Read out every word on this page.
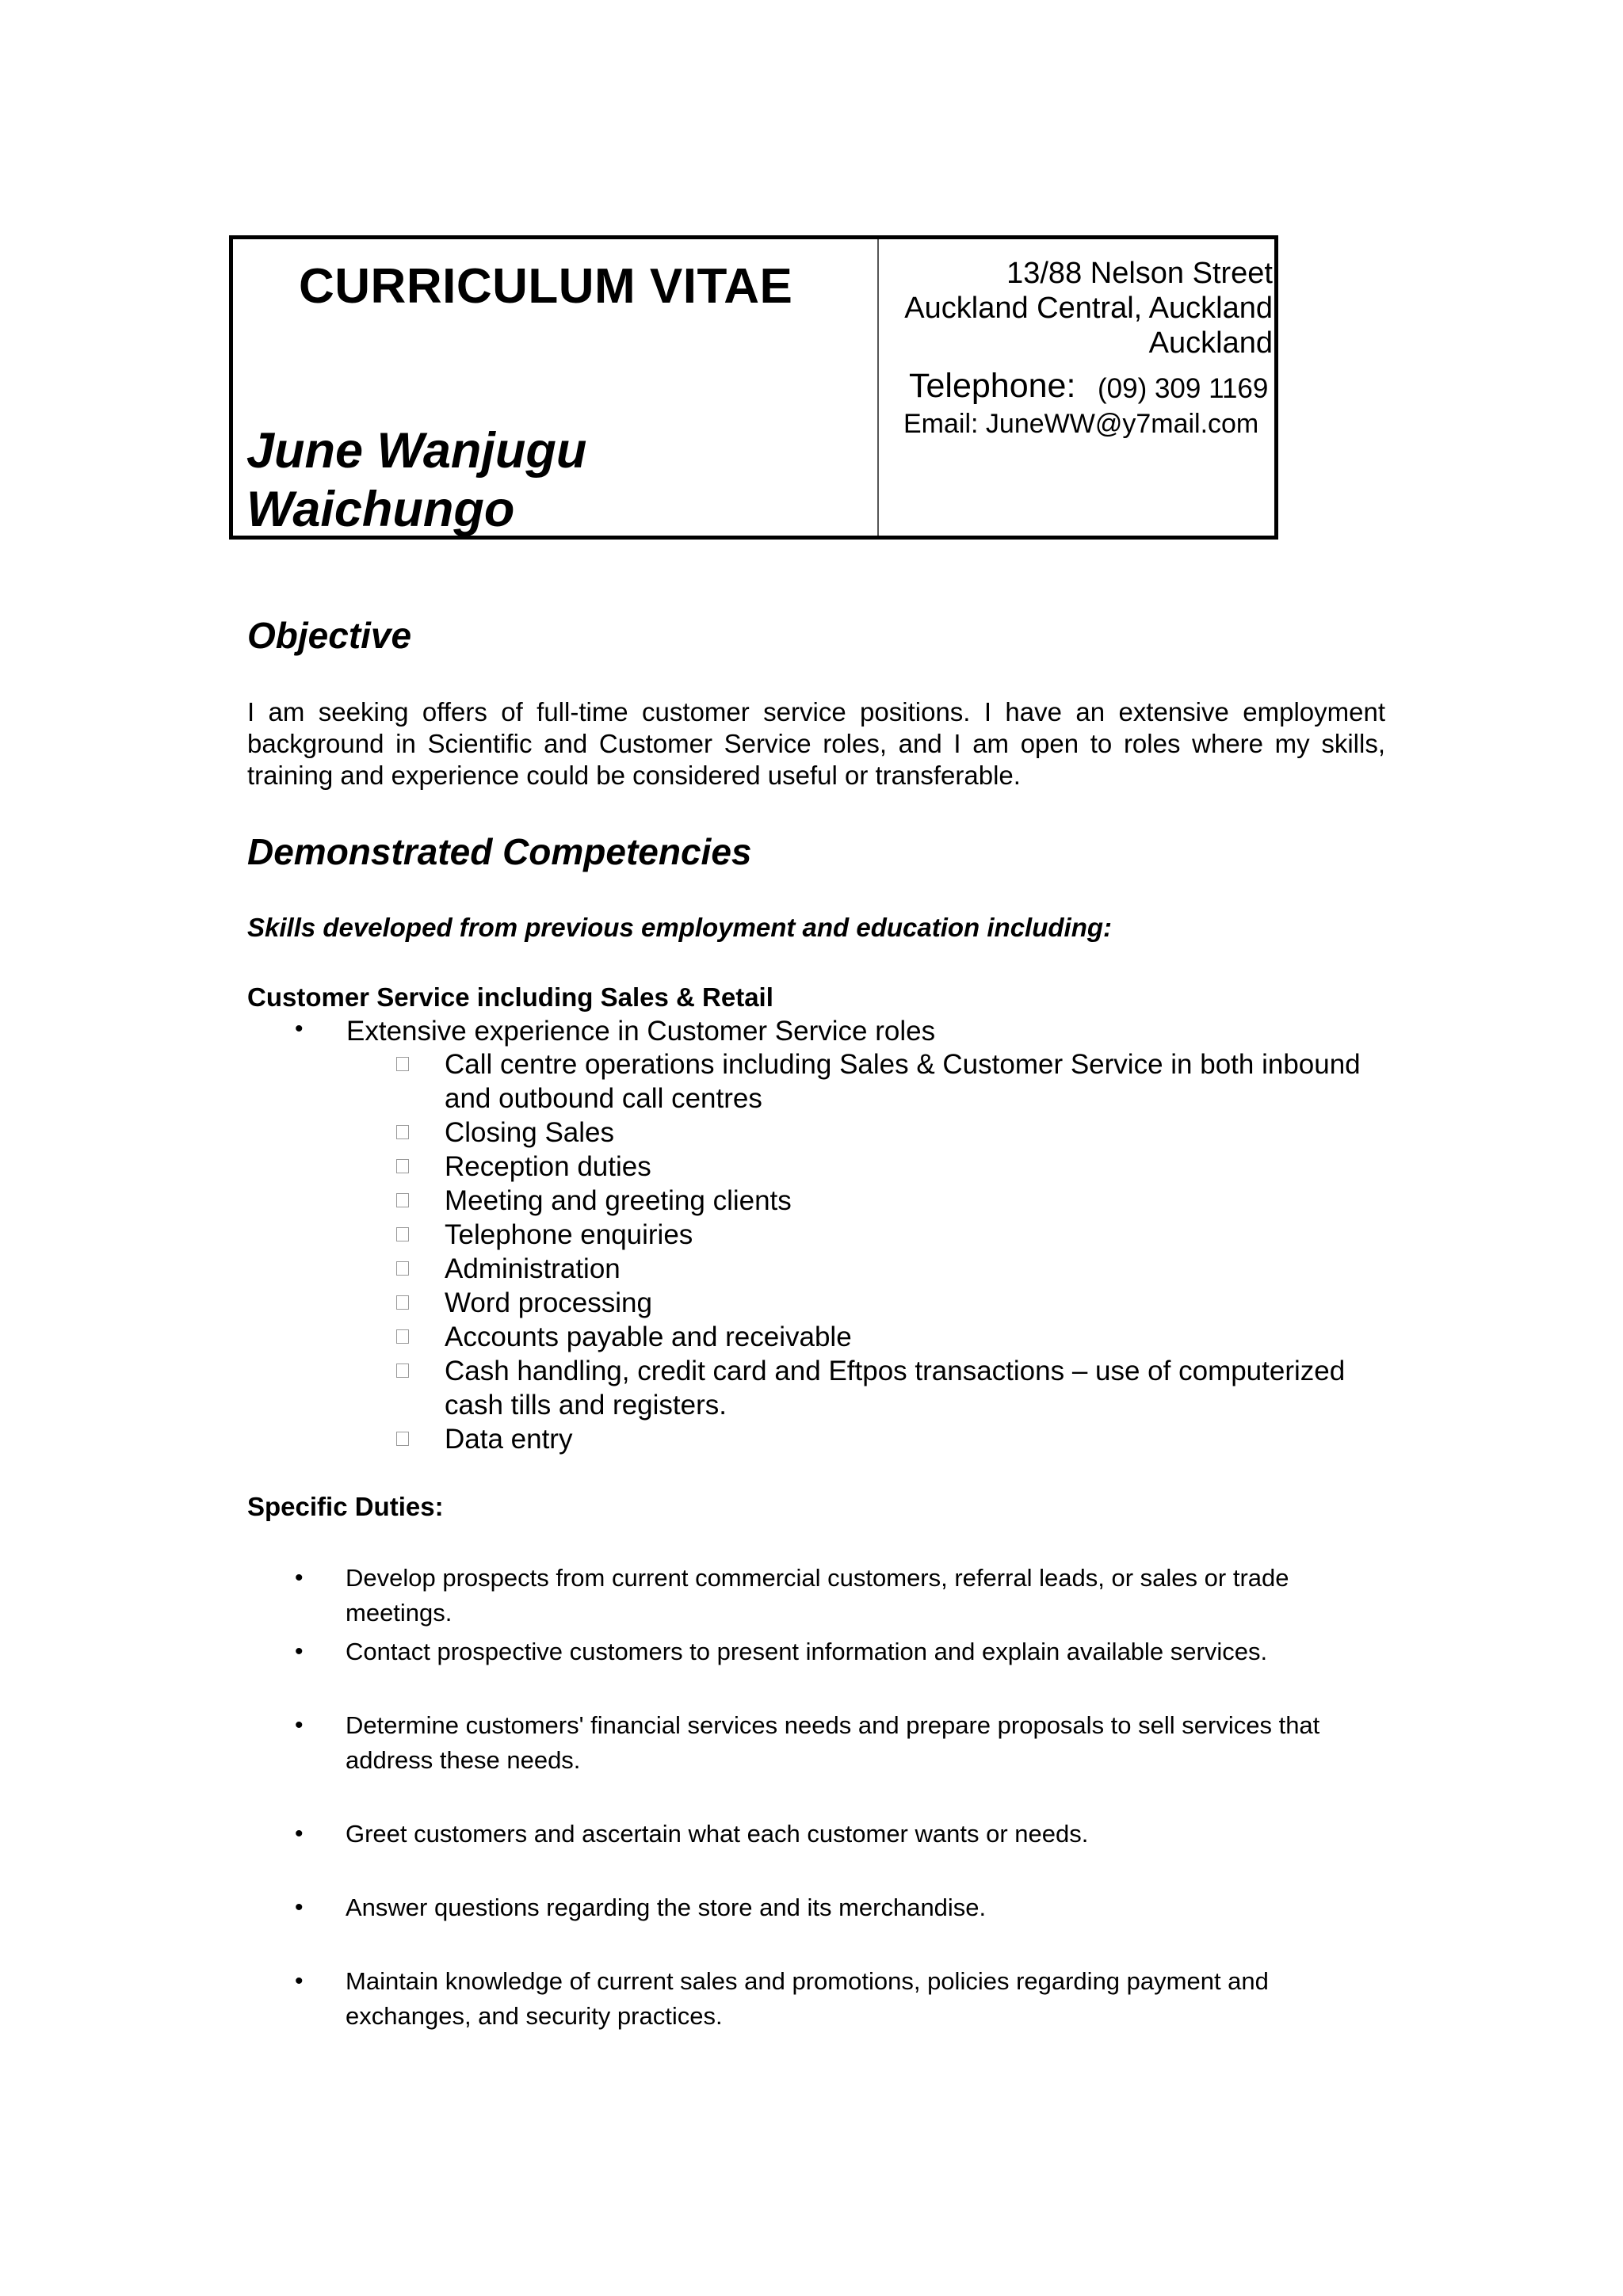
CURRICULUM VITAE
June Wanjugu
Waichungo
13/88 Nelson Street
Auckland Central, Auckland
Auckland
Telephone: (09) 309 1169
Email: JuneWW@y7mail.com
Objective
I am seeking offers of full-time customer service positions. I have an extensive employment background in Scientific and Customer Service roles, and I am open to roles where my skills, training and experience could be considered useful or transferable.
Demonstrated Competencies
Skills developed from previous employment and education including:
Customer Service including Sales & Retail
• Extensive experience in Customer Service roles
Call centre operations including Sales & Customer Service in both inbound and outbound call centres
Closing Sales
Reception duties
Meeting and greeting clients
Telephone enquiries
Administration
Word processing
Accounts payable and receivable
Cash handling, credit card and Eftpos transactions – use of computerized cash tills and registers.
Data entry
Specific Duties:
• Develop prospects from current commercial customers, referral leads, or sales or trade meetings.
• Contact prospective customers to present information and explain available services.
• Determine customers' financial services needs and prepare proposals to sell services that address these needs.
• Greet customers and ascertain what each customer wants or needs.
• Answer questions regarding the store and its merchandise.
• Maintain knowledge of current sales and promotions, policies regarding payment and exchanges, and security practices.
